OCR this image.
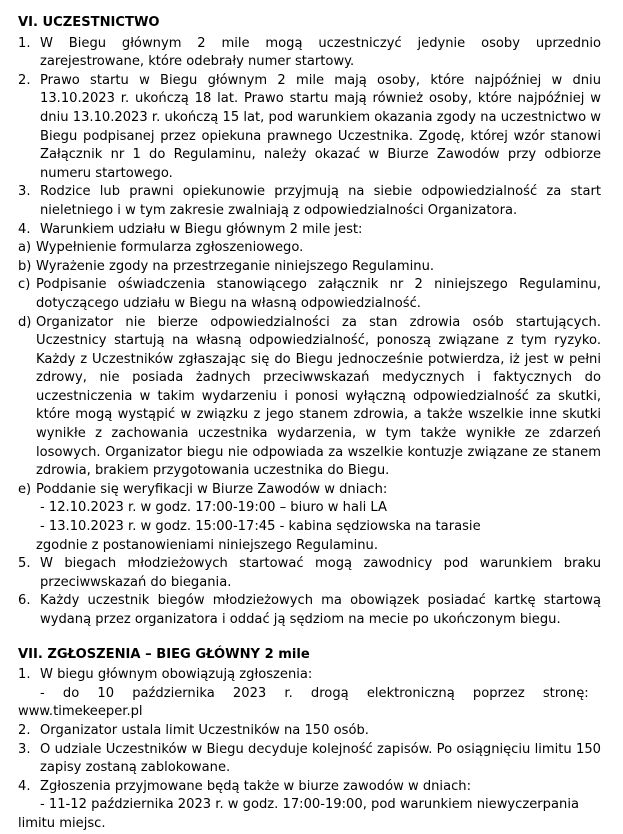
VI. UCZESTNICTWO
1. W Biegu głównym 2 mile mogą uczestniczyć jedynie osoby uprzednio zarejestrowane, które odebrały numer startowy.
2. Prawo startu w Biegu głównym 2 mile mają osoby, które najpóźniej w dniu 13.10.2023 r. ukończą 18 lat. Prawo startu mają również osoby, które najpóźniej w dniu 13.10.2023 r. ukończą 15 lat, pod warunkiem okazania zgody na uczestnictwo w Biegu podpisanej przez opiekuna prawnego Uczestnika. Zgodę, której wzór stanowi Załącznik nr 1 do Regulaminu, należy okazać w Biurze Zawodów przy odbiorze numeru startowego.
3. Rodzice lub prawni opiekunowie przyjmują na siebie odpowiedzialność za start nieletniego i w tym zakresie zwalniają z odpowiedzialności Organizatora.
4. Warunkiem udziału w Biegu głównym 2 mile jest:
a) Wypełnienie formularza zgłoszeniowego.
b) Wyrażenie zgody na przestrzeganie niniejszego Regulaminu.
c) Podpisanie oświadczenia stanowiącego załącznik nr 2 niniejszego Regulaminu, dotyczącego udziału w Biegu na własną odpowiedzialność.
d) Organizator nie bierze odpowiedzialności za stan zdrowia osób startujących. Uczestnicy startują na własną odpowiedzialność, ponoszą związane z tym ryzyko. Każdy z Uczestników zgłaszając się do Biegu jednocześnie potwierdza, iż jest w pełni zdrowy, nie posiada żadnych przeciwwskazań medycznych i faktycznych do uczestniczenia w takim wydarzeniu i ponosi wyłączną odpowiedzialność za skutki, które mogą wystąpić w związku z jego stanem zdrowia, a także wszelkie inne skutki wynikłe z zachowania uczestnika wydarzenia, w tym także wynikłe ze zdarzeń losowych. Organizator biegu nie odpowiada za wszelkie kontuzje związane ze stanem zdrowia, brakiem przygotowania uczestnika do Biegu.
e) Poddanie się weryfikacji w Biurze Zawodów w dniach:
- 12.10.2023 r. w godz. 17:00-19:00 – biuro w hali LA
- 13.10.2023 r. w godz. 15:00-17:45 - kabina sędziowska na tarasie
zgodnie z postanowieniami niniejszego Regulaminu.
5. W biegach młodzieżowych startować mogą zawodnicy pod warunkiem braku przeciwwskazań do biegania.
6. Każdy uczestnik biegów młodzieżowych ma obowiązek posiadać kartkę startową wydaną przez organizatora i oddać ją sędziom na mecie po ukończonym biegu.
VII. ZGŁOSZENIA – BIEG GŁÓWNY 2 mile
1. W biegu głównym obowiązują zgłoszenia:
- do 10 października 2023 r. drogą elektroniczną poprzez stronę:
www.timekeeper.pl
2. Organizator ustala limit Uczestników na 150 osób.
3. O udziale Uczestników w Biegu decyduje kolejność zapisów. Po osiągnięciu limitu 150 zapisy zostaną zablokowane.
4. Zgłoszenia przyjmowane będą także w biurze zawodów w dniach:
- 11-12 października 2023 r. w godz. 17:00-19:00, pod warunkiem niewyczerpania
limitu miejsc.
